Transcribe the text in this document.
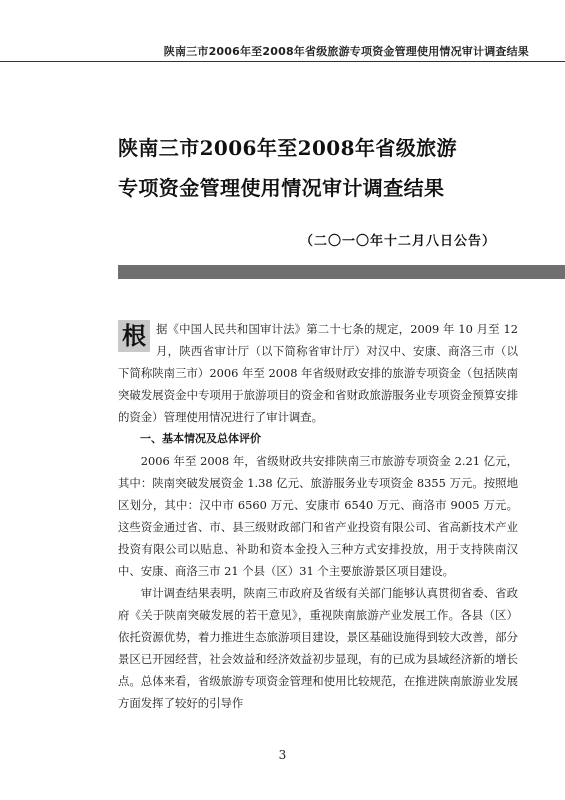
陕南三市2006年至2008年省级旅游专项资金管理使用情况审计调查结果
陕南三市2006年至2008年省级旅游
专项资金管理使用情况审计调查结果
（二〇一〇年十二月八日公告）

根 据《中国人民共和国审计法》第二十七条的规定，2009 年 10 月至 12 月，陕西省审计厅（以下简称省审计厅）对汉中、安康、商洛三市（以下简称陕南三市）2006 年至 2008 年省级财政安排的旅游专项资金（包括陕南突破发展资金中专项用于旅游项目的资金和省财政旅游服务业专项资金预算安排的资金）管理使用情况进行了审计调查。

一、基本情况及总体评价

2006 年至 2008 年，省级财政共安排陕南三市旅游专项资金 2.21 亿元，其中：陕南突破发展资金 1.38 亿元、旅游服务业专项资金 8355 万元。按照地区划分，其中：汉中市 6560 万元、安康市 6540 万元、商洛市 9005 万元。这些资金通过省、市、县三级财政部门和省产业投资有限公司、省高新技术产业投资有限公司以贴息、补助和资本金投入三种方式安排投放，用于支持陕南汉中、安康、商洛三市 21 个县（区）31 个主要旅游景区项目建设。

审计调查结果表明，陕南三市政府及省级有关部门能够认真贯彻省委、省政府《关于陕南突破发展的若干意见》，重视陕南旅游产业发展工作。各县（区）依托资源优势，着力推进生态旅游项目建设，景区基础设施得到较大改善，部分景区已开园经营，社会效益和经济效益初步显现，有的已成为县域经济新的增长点。总体来看，省级旅游专项资金管理和使用比较规范，在推进陕南旅游业发展方面发挥了较好的引导作

3
